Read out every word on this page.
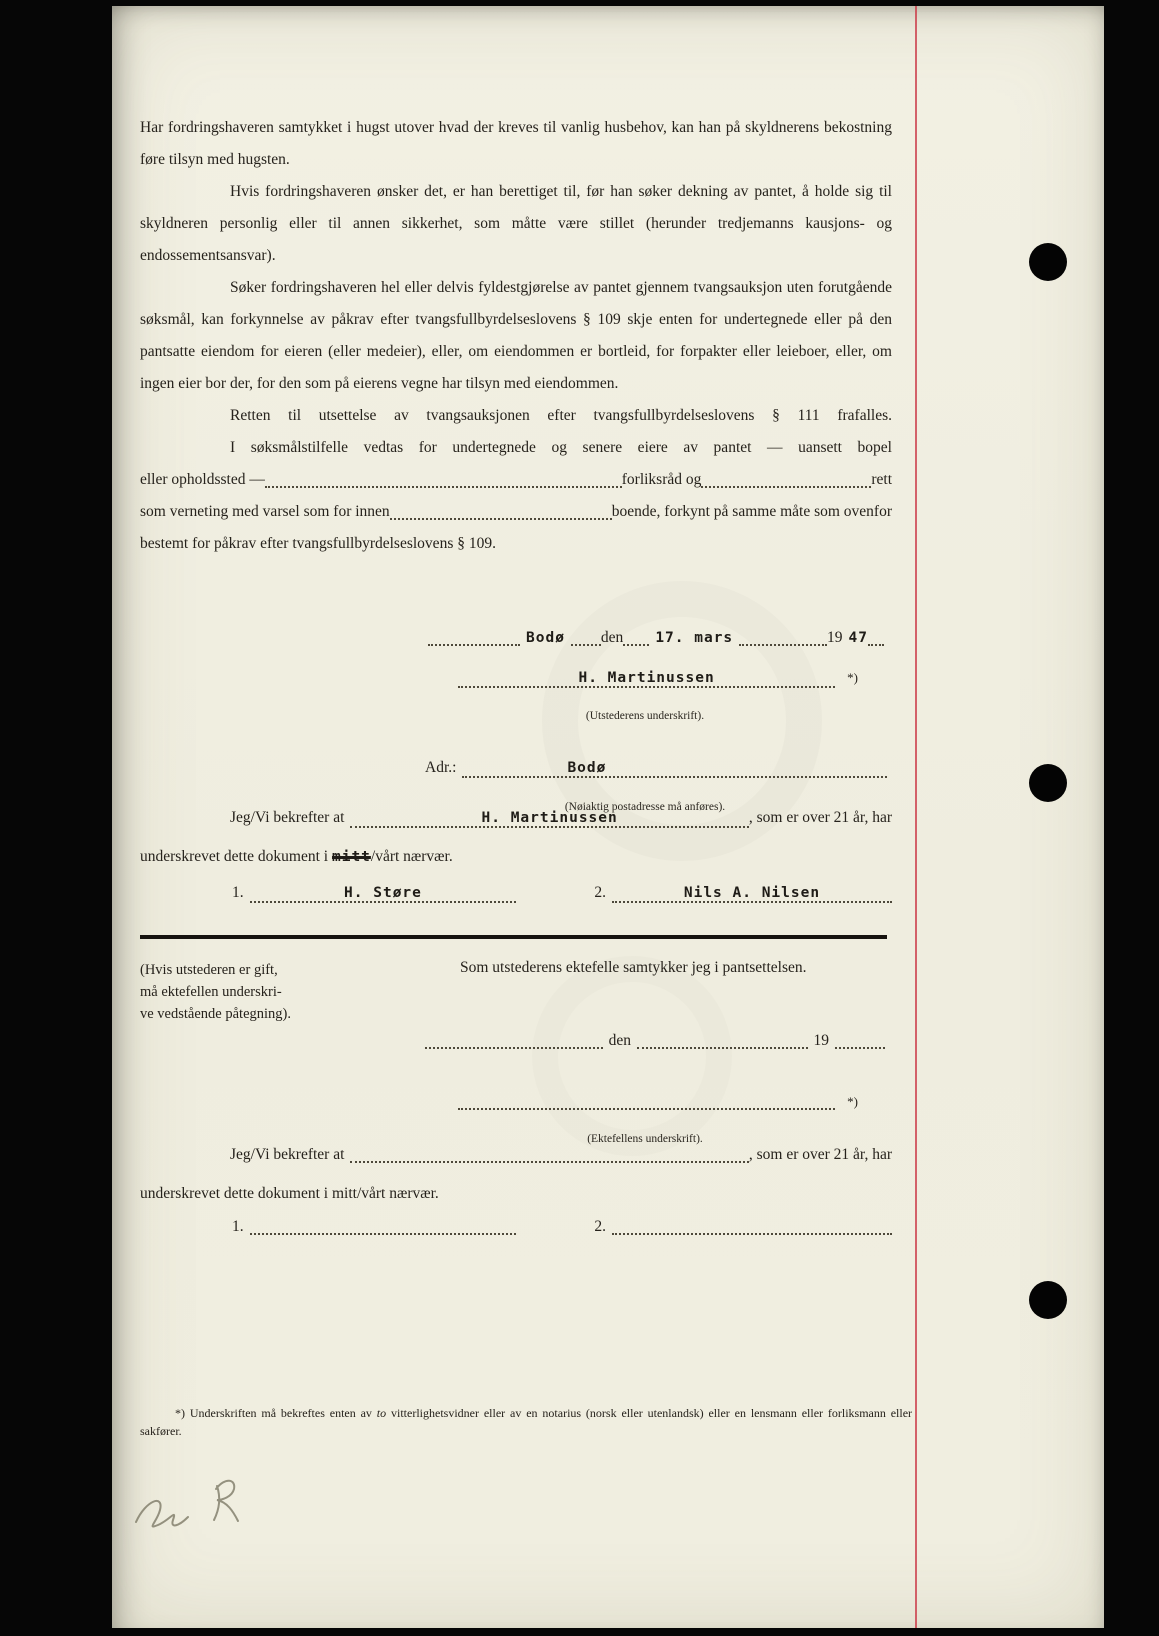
Har fordringshaveren samtykket i hugst utover hvad der kreves til vanlig husbehov, kan han på skyldnerens bekostning føre tilsyn med hugsten.

Hvis fordringshaveren ønsker det, er han berettiget til, før han søker dekning av pantet, å holde sig til skyldneren personlig eller til annen sikkerhet, som måtte være stillet (herunder tredjemanns kausjons- og endossementsansvar).

Søker fordringshaveren hel eller delvis fyldestgjørelse av pantet gjennem tvangsauksjon uten forutgående søksmål, kan forkynnelse av påkrav efter tvangsfullbyrdelseslovens § 109 skje enten for undertegnede eller på den pantsatte eiendom for eieren (eller medeier), eller, om eiendommen er bortleid, for forpakter eller leieboer, eller, om ingen eier bor der, for den som på eierens vegne har tilsyn med eiendommen.

Retten til utsettelse av tvangsauksjonen efter tvangsfullbyrdelseslovens § 111 frafalles.

I søksmålstilfelle vedtas for undertegnede og senere eiere av pantet — uansett bopel
eller opholdssted —	forliksråd og	rett
som verneting med varsel som for innen	boende, forkynt på samme måte som ovenfor
bestemt for påkrav efter tvangsfullbyrdelseslovens § 109.
Bodø	den	17. mars	19 47
H. Martinussen	*)
(Utstederens underskrift).
Adr.:	Bodø
(Nøiaktig postadresse må anføres).
Jeg/Vi bekrefter at	H. Martinussen	, som er over 21 år, har
underskrevet dette dokument i mitt/vårt nærvær.
1.	H. Støre	2.	Nils A. Nilsen
(Hvis utstederen er gift,
må ektefellen underskri-
ve vedstående påtegning).
Som utstederens ektefelle samtykker jeg i pantsettelsen.
den	19
*)
(Ektefellens underskrift).
Jeg/Vi bekrefter at	, som er over 21 år, har
underskrevet dette dokument i mitt/vårt nærvær.
1.	2.
*) Underskriften må bekreftes enten av to vitterlighetsvidner eller av en notarius (norsk eller utenlandsk) eller en lensmann eller forliksmann eller sakfører.
